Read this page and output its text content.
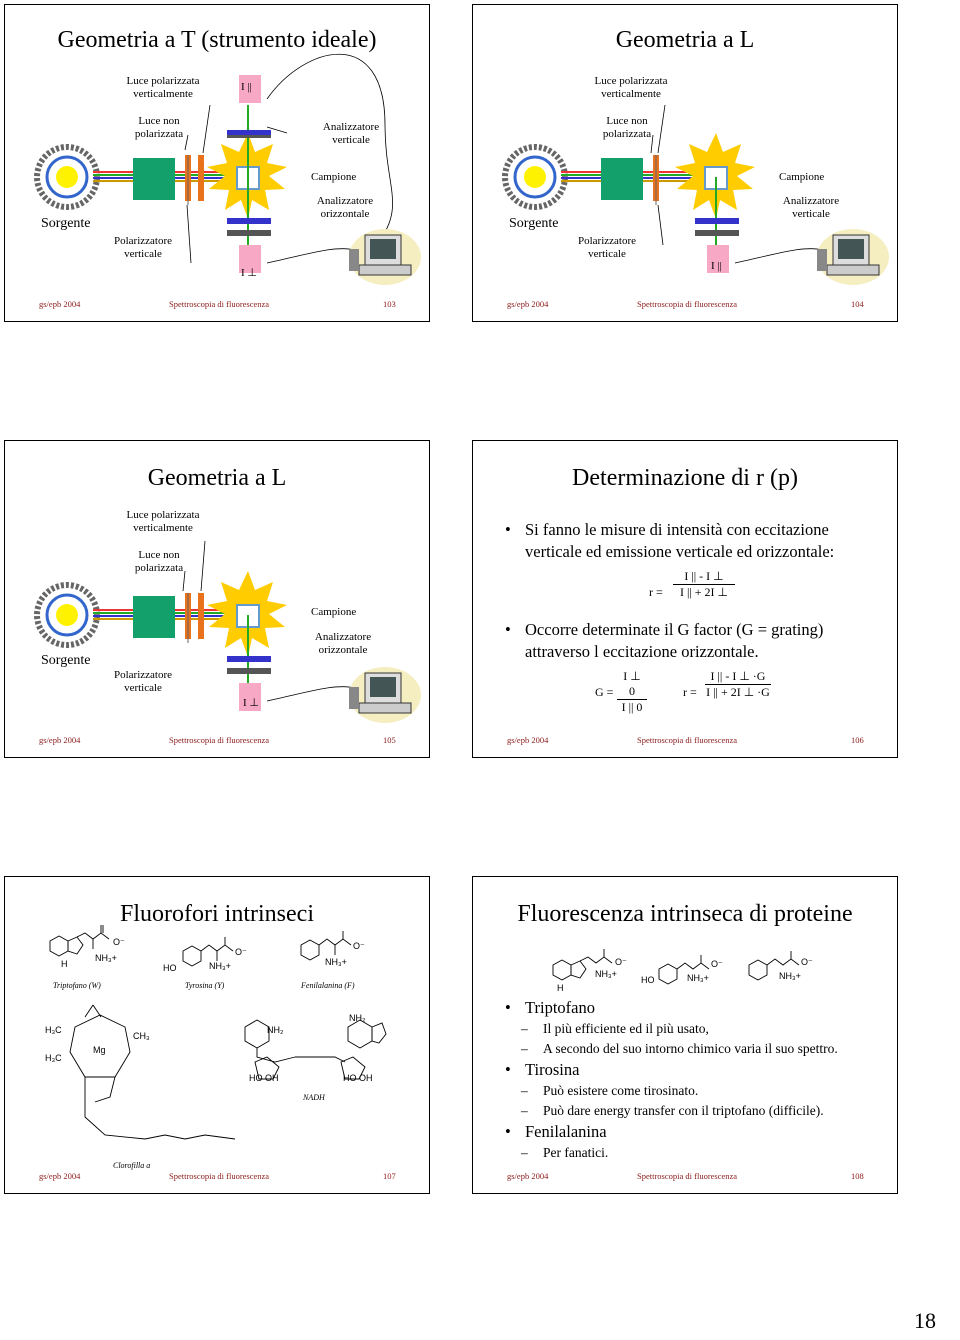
Geometria a T (strumento ideale)
Luce polarizzata verticalmente
Luce non polarizzata
Sorgente
Polarizzatore verticale
Analizzatore verticale
Campione
Analizzatore orizzontale
I ||
I ⊥
gs/epb 2004	Spettroscopia di fluorescenza	103
Geometria a L
Luce polarizzata verticalmente
Luce non polarizzata
Sorgente
Polarizzatore verticale
Campione
Analizzatore verticale
I ||
gs/epb 2004	Spettroscopia di fluorescenza	104
Geometria a L
Luce polarizzata verticalmente
Luce non polarizzata
Sorgente
Polarizzatore verticale
Campione
Analizzatore orizzontale
I ⊥
gs/epb 2004	Spettroscopia di fluorescenza	105
Determinazione di r (p)
• Si fanno le misure di intensità con eccitazione verticale ed emissione verticale ed orizzontale:
$r = \frac{I || - I \perp}{I || + 2I \perp}$
• Occorre determinate il G factor (G = grating) attraverso l eccitazione orizzontale.
$G = \frac{I \perp 0}{I || 0}$	$r = \frac{I || - I \perp \cdot G}{I || + 2I \perp \cdot G}$
gs/epb 2004	Spettroscopia di fluorescenza	106
Fluorofori intrinseci
NH₃+
H
O⁻
HO	NH₃+
O⁻
NH₃+
O⁻
H₃C
H₃C
Mg
CH₃
NH₂
NH₂
HO OH	HO OH
Triptofano (W)	Tyrosina (Y)	Fenilalanina (F)
Clorofilla a
NADH
gs/epb 2004	Spettroscopia di fluorescenza	107
Fluorescenza intrinseca di proteine
NH₃+
H
O⁻
HO	NH₃+
O⁻
NH₃+
O⁻
• Triptofano
– Il più efficiente ed il più usato,
– A secondo del suo intorno chimico varia il suo spettro.
• Tirosina
– Può esistere come tirosinato.
– Può dare energy transfer con il triptofano (difficile).
• Fenilalanina
– Per fanatici.
gs/epb 2004	Spettroscopia di fluorescenza	108
18
